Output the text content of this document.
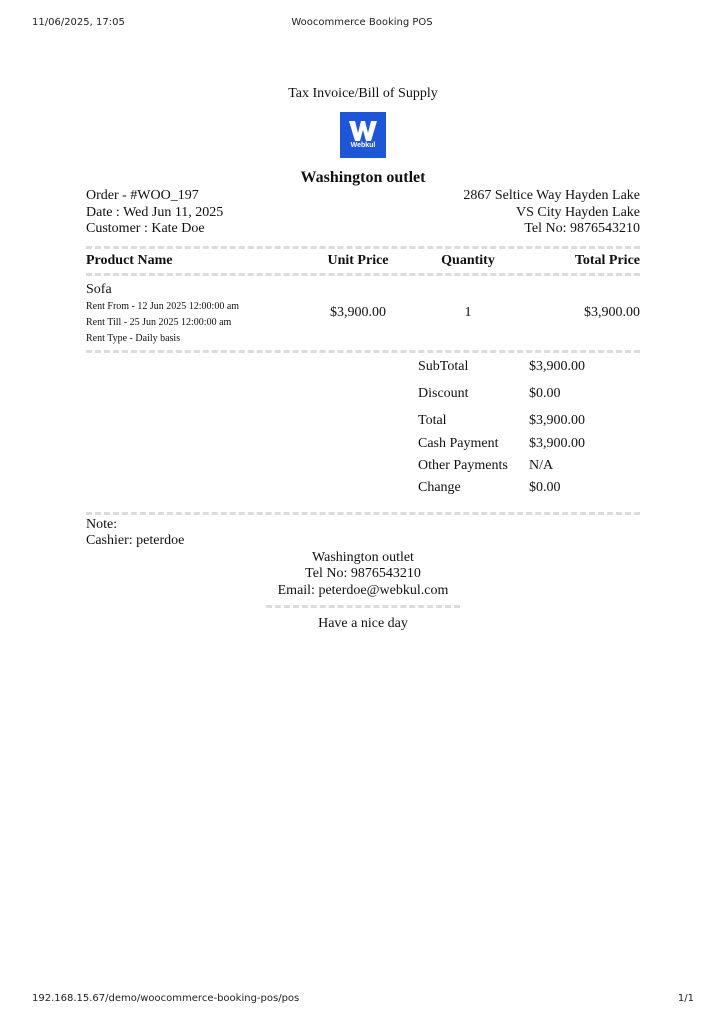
11/06/2025, 17:05	Woocommerce Booking POS
Tax Invoice/Bill of Supply
Webkul
Washington outlet
Order - #WOO_197
Date : Wed Jun 11, 2025
Customer : Kate Doe
2867 Seltice Way Hayden Lake
VS City Hayden Lake
Tel No: 9876543210
Product Name	Unit Price	Quantity	Total Price
Sofa
Rent From - 12 Jun 2025 12:00:00 am
Rent Till - 25 Jun 2025 12:00:00 am
Rent Type - Daily basis
$3,900.00	1	$3,900.00
SubTotal	$3,900.00
Discount	$0.00
Total	$3,900.00
Cash Payment	$3,900.00
Other Payments	N/A
Change	$0.00
Note:
Cashier: peterdoe
Washington outlet
Tel No: 9876543210
Email: peterdoe@webkul.com
Have a nice day
192.168.15.67/demo/woocommerce-booking-pos/pos	1/1
